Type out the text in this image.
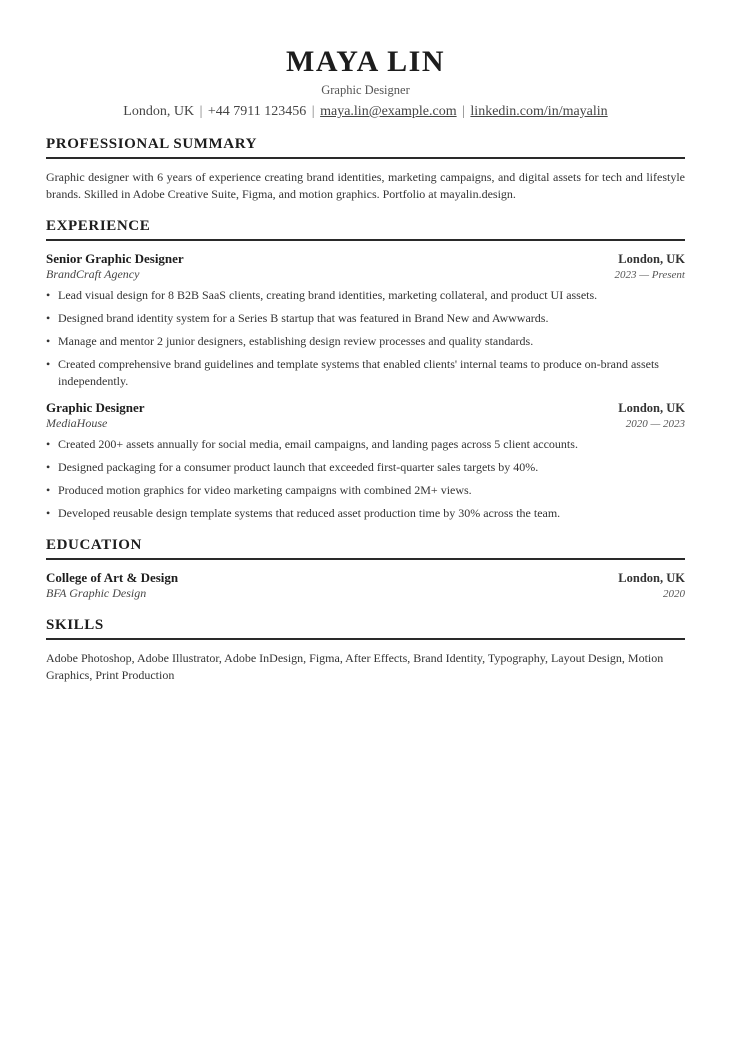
MAYA LIN
Graphic Designer
London, UK | +44 7911 123456 | maya.lin@example.com | linkedin.com/in/mayalin
PROFESSIONAL SUMMARY
Graphic designer with 6 years of experience creating brand identities, marketing campaigns, and digital assets for tech and lifestyle brands. Skilled in Adobe Creative Suite, Figma, and motion graphics. Portfolio at mayalin.design.
EXPERIENCE
Senior Graphic Designer	London, UK
BrandCraft Agency	2023 — Present
• Lead visual design for 8 B2B SaaS clients, creating brand identities, marketing collateral, and product UI assets.
• Designed brand identity system for a Series B startup that was featured in Brand New and Awwwards.
• Manage and mentor 2 junior designers, establishing design review processes and quality standards.
• Created comprehensive brand guidelines and template systems that enabled clients' internal teams to produce on-brand assets independently.
Graphic Designer	London, UK
MediaHouse	2020 — 2023
• Created 200+ assets annually for social media, email campaigns, and landing pages across 5 client accounts.
• Designed packaging for a consumer product launch that exceeded first-quarter sales targets by 40%.
• Produced motion graphics for video marketing campaigns with combined 2M+ views.
• Developed reusable design template systems that reduced asset production time by 30% across the team.
EDUCATION
College of Art & Design	London, UK
BFA Graphic Design	2020
SKILLS
Adobe Photoshop, Adobe Illustrator, Adobe InDesign, Figma, After Effects, Brand Identity, Typography, Layout Design, Motion Graphics, Print Production
